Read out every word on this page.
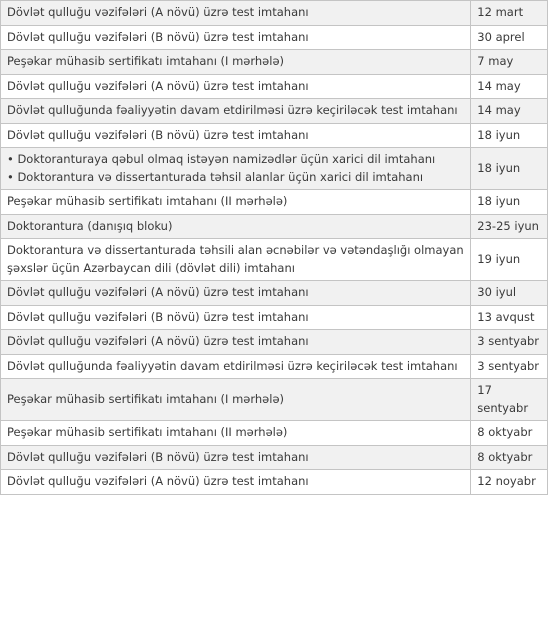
Dövlət qulluğu vəzifələri (A növü) üzrə test imtahanı	12 mart
Dövlət qulluğu vəzifələri (B növü) üzrə test imtahanı	30 aprel
Peşəkar mühasib sertifikatı imtahanı (I mərhələ)	7 may
Dövlət qulluğu vəzifələri (A növü) üzrə test imtahanı	14 may
Dövlət qulluğunda fəaliyyətin davam etdirilməsi üzrə keçiriləcək test imtahanı	14 may
Dövlət qulluğu vəzifələri (B növü) üzrə test imtahanı	18 iyun

• Doktoranturaya qəbul olmaq istəyən namizədlər üçün xarici dil imtahanı
• Doktorantura və dissertanturada təhsil alanlar üçün xarici dil imtahanı	18 iyun
Peşəkar mühasib sertifikatı imtahanı (II mərhələ)	18 iyun
Doktorantura (danışıq bloku)	23-25 iyun
Doktorantura və dissertanturada təhsili alan əcnəbilər və vətəndaşlığı olmayan şəxslər üçün Azərbaycan dili (dövlət dili) imtahanı	19 iyun
Dövlət qulluğu vəzifələri (A növü) üzrə test imtahanı	30 iyul
Dövlət qulluğu vəzifələri (B növü) üzrə test imtahanı	13 avqust
Dövlət qulluğu vəzifələri (A növü) üzrə test imtahanı	3 sentyabr
Dövlət qulluğunda fəaliyyətin davam etdirilməsi üzrə keçiriləcək test imtahanı	3 sentyabr
Peşəkar mühasib sertifikatı imtahanı (I mərhələ)	17 sentyabr
Peşəkar mühasib sertifikatı imtahanı (II mərhələ)	8 oktyabr
Dövlət qulluğu vəzifələri (B növü) üzrə test imtahanı	8 oktyabr
Dövlət qulluğu vəzifələri (A növü) üzrə test imtahanı	12 noyabr
